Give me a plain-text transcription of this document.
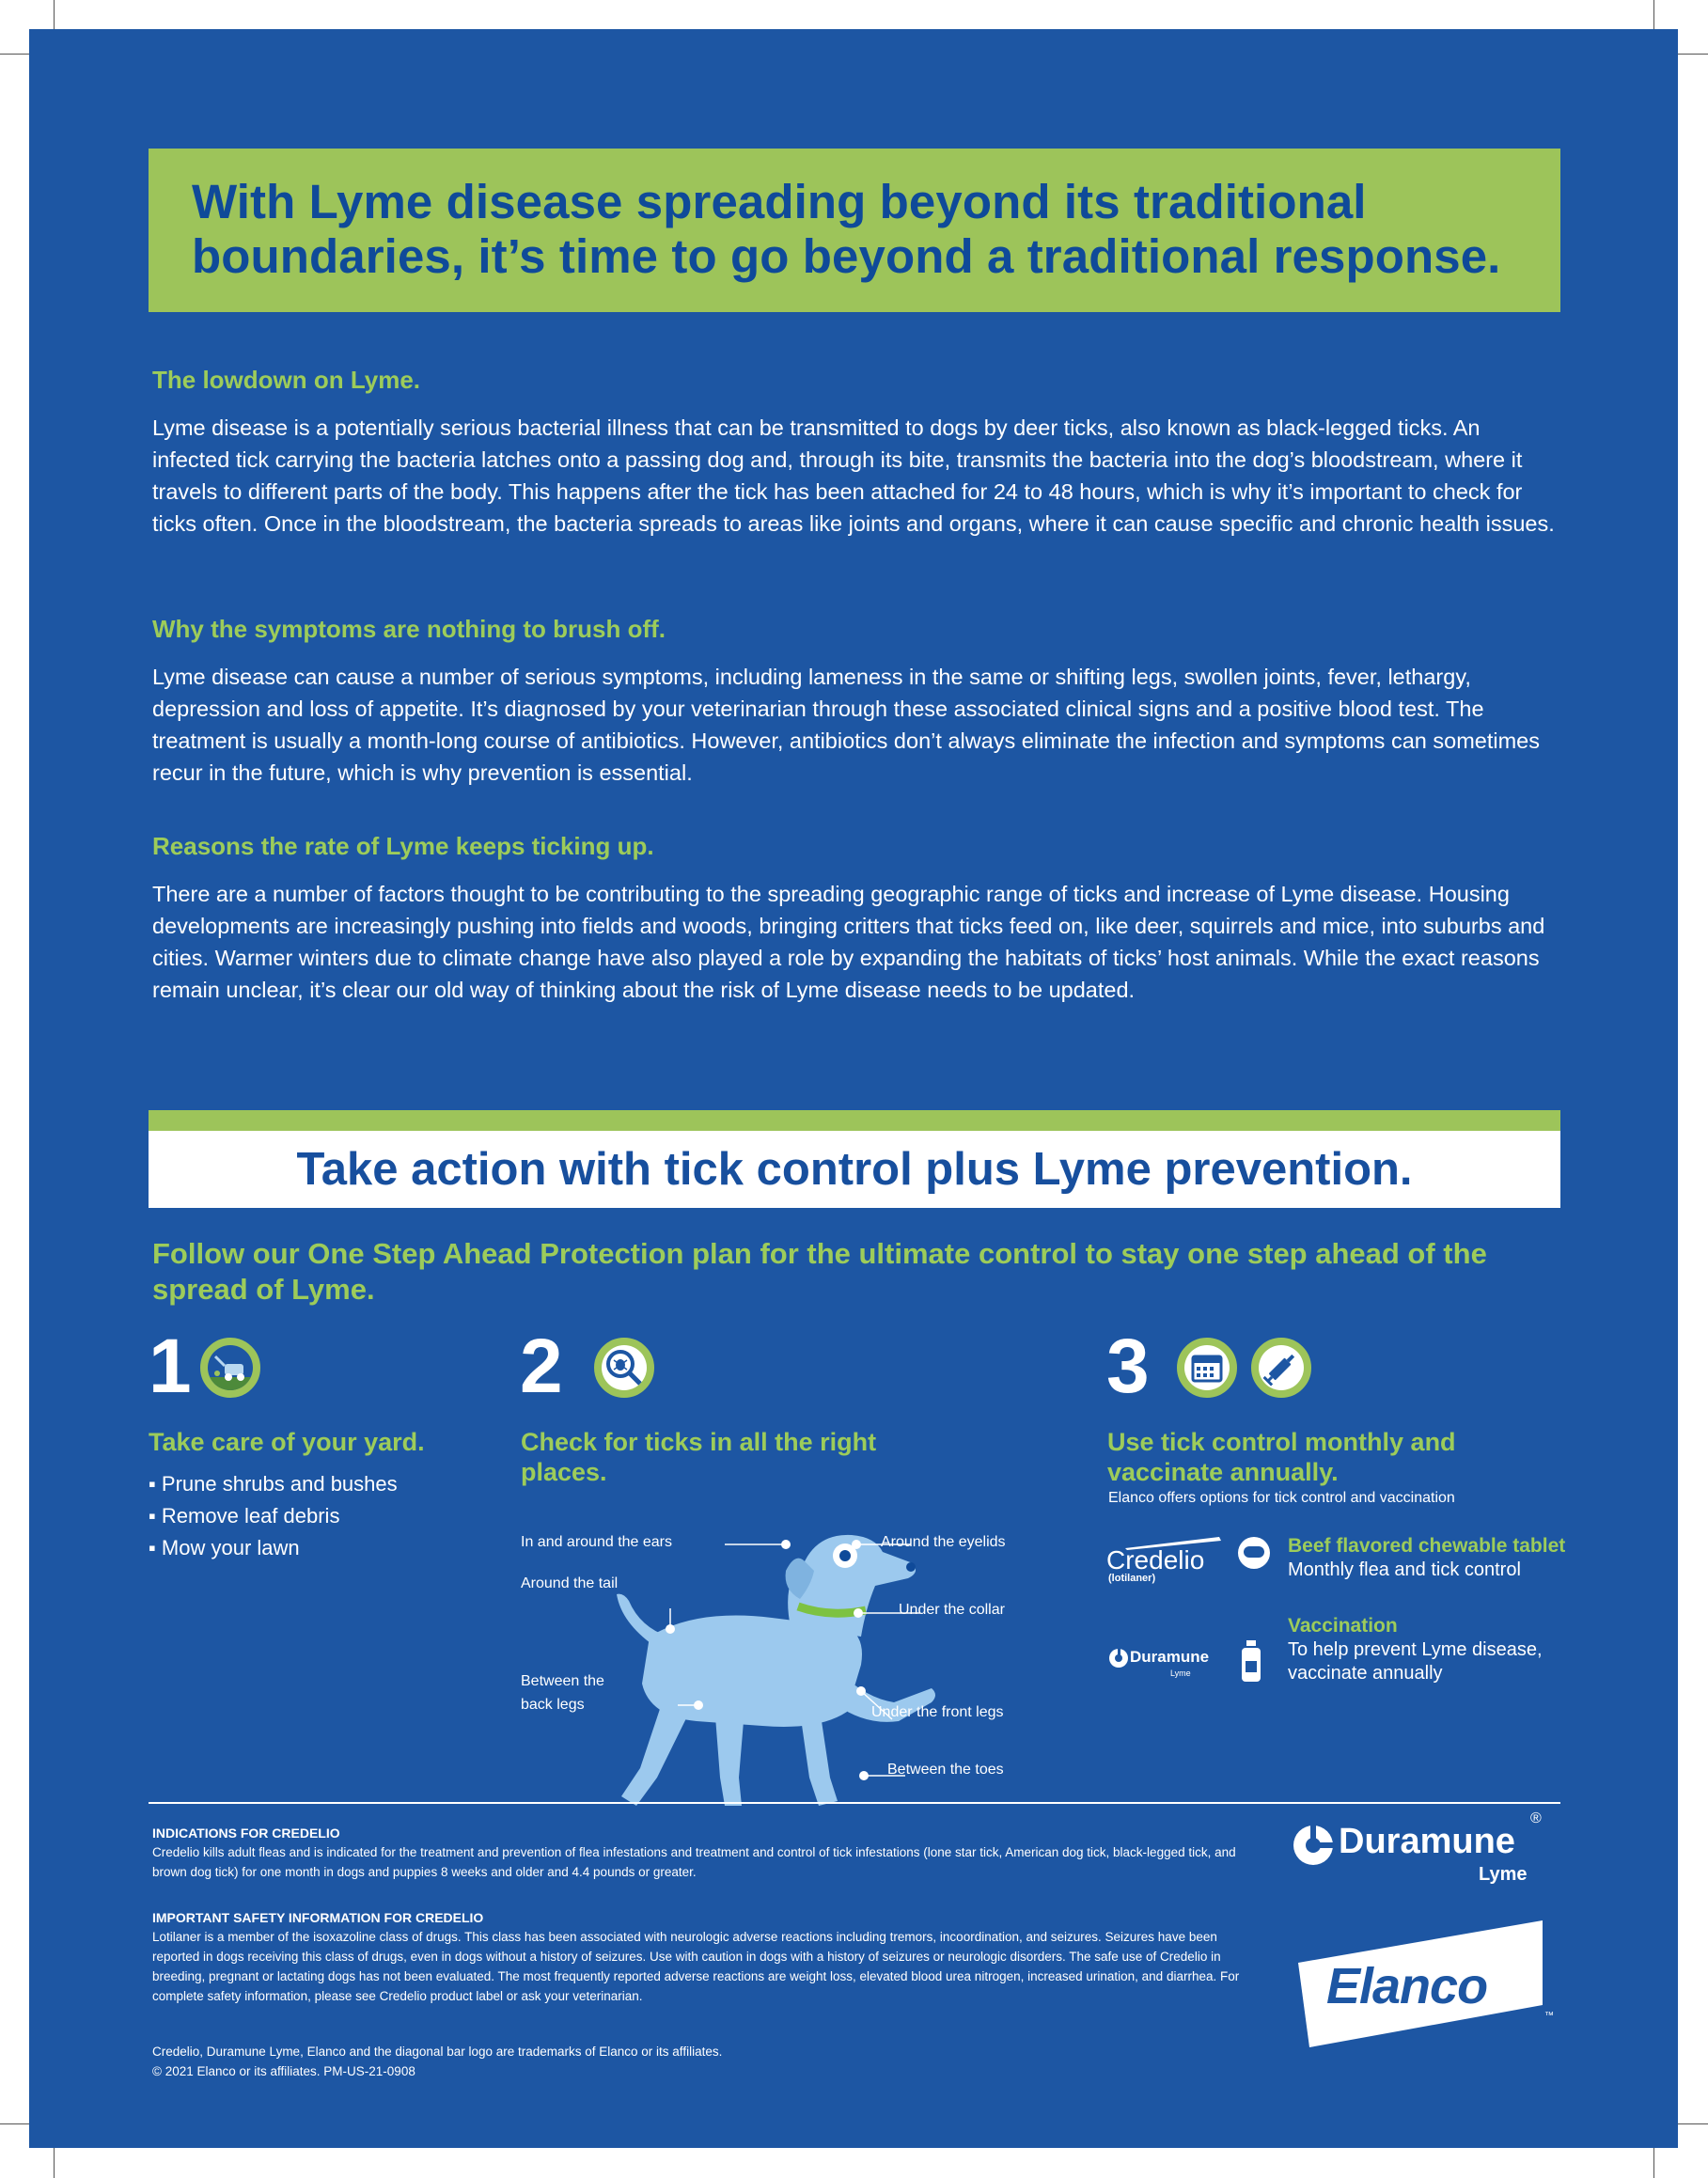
With Lyme disease spreading beyond its traditional boundaries, it’s time to go beyond a traditional response.
The lowdown on Lyme.

Lyme disease is a potentially serious bacterial illness that can be transmitted to dogs by deer ticks, also known as black-legged ticks. An infected tick carrying the bacteria latches onto a passing dog and, through its bite, transmits the bacteria into the dog’s bloodstream, where it travels to different parts of the body. This happens after the tick has been attached for 24 to 48 hours, which is why it’s important to check for ticks often. Once in the bloodstream, the bacteria spreads to areas like joints and organs, where it can cause specific and chronic health issues.

Why the symptoms are nothing to brush off.

Lyme disease can cause a number of serious symptoms, including lameness in the same or shifting legs, swollen joints, fever, lethargy, depression and loss of appetite. It’s diagnosed by your veterinarian through these associated clinical signs and a positive blood test. The treatment is usually a month-long course of antibiotics. However, antibiotics don’t always eliminate the infection and symptoms can sometimes recur in the future, which is why prevention is essential.

Reasons the rate of Lyme keeps ticking up.

There are a number of factors thought to be contributing to the spreading geographic range of ticks and increase of Lyme disease. Housing developments are increasingly pushing into fields and woods, bringing critters that ticks feed on, like deer, squirrels and mice, into suburbs and cities. Warmer winters due to climate change have also played a role by expanding the habitats of ticks’ host animals. While the exact reasons remain unclear, it’s clear our old way of thinking about the risk of Lyme disease needs to be updated.

Take action with tick control plus Lyme prevention.
Follow our One Step Ahead Protection plan for the ultimate control to stay one step ahead of the spread of Lyme.
1
Take care of your yard.
▪ Prune shrubs and bushes
▪ Remove leaf debris
▪ Mow your lawn
2
Check for ticks in all the right places.
In and around the ears	Around the eyelids
Around the tail
Under the collar
Between the
back legs	Under the front legs
Between the toes
3
Use tick control monthly and vaccinate annually.
Elanco offers options for tick control and vaccination
Credelio
(lotilaner)
Beef flavored chewable tablet
Monthly flea and tick control
Duramune
Lyme
Vaccination
To help prevent Lyme disease,
vaccinate annually
INDICATIONS FOR CREDELIO

Credelio kills adult fleas and is indicated for the treatment and prevention of flea infestations and treatment and control of tick infestations (lone star tick, American dog tick, black-legged tick, and brown dog tick) for one month in dogs and puppies 8 weeks and older and 4.4 pounds or greater.

IMPORTANT SAFETY INFORMATION FOR CREDELIO

Lotilaner is a member of the isoxazoline class of drugs. This class has been associated with neurologic adverse reactions including tremors, incoordination, and seizures. Seizures have been reported in dogs receiving this class of drugs, even in dogs without a history of seizures. Use with caution in dogs with a history of seizures or neurologic disorders. The safe use of Credelio in breeding, pregnant or lactating dogs has not been evaluated. The most frequently reported adverse reactions are weight loss, elevated blood urea nitrogen, increased urination, and diarrhea. For complete safety information, please see Credelio product label or ask your veterinarian.

Credelio, Duramune Lyme, Elanco and the diagonal bar logo are trademarks of Elanco or its affiliates.

© 2021 Elanco or its affiliates. PM-US-21-0908

Duramune
®
Lyme
Elanco
™
